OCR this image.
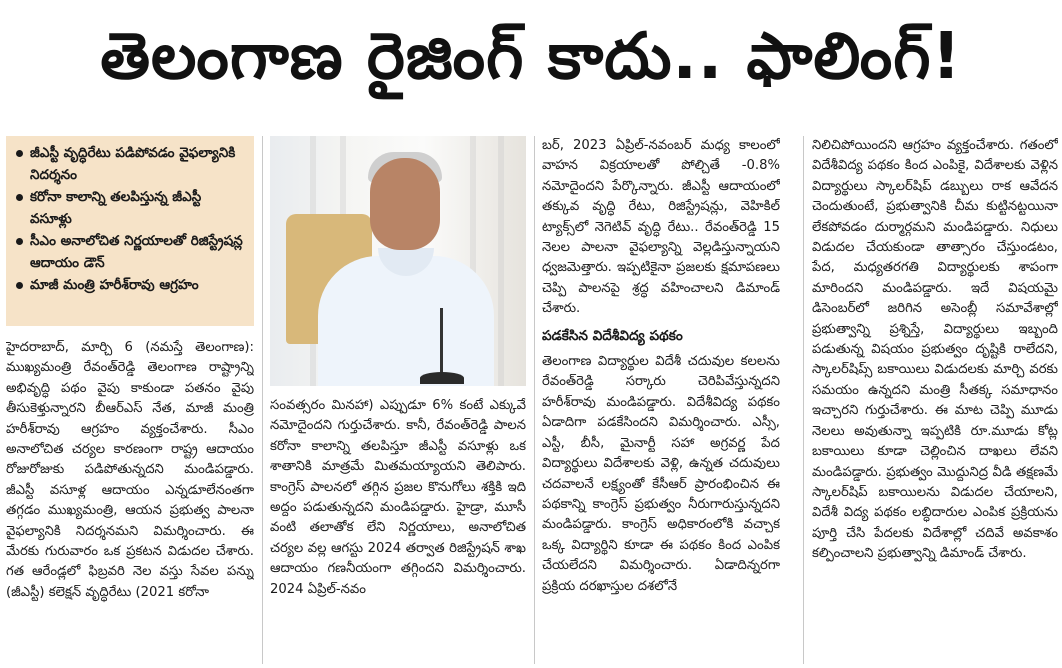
తెలంగాణ రైజింగ్ కాదు.. ఫాలింగ్!
జీఎస్టీ వృద్ధిరేటు పడిపోవడం వైఫల్యానికి నిదర్శనం
కరోనా కాలాన్ని తలపిస్తున్న జీఎస్టీ వసూళ్లు
సీఎం అనాలోచిత నిర్ణయాలతో రిజిస్ట్రేషన్ల ఆదాయం డౌన్
మాజీ మంత్రి హరీశ్‌రావు ఆగ్రహం

హైదరాబాద్, మార్చి 6 (నమస్తే తెలంగాణ): ముఖ్యమంత్రి రేవంత్‌రెడ్డి తెలంగాణ రాష్ట్రాన్ని అభివృద్ధి పథం వైపు కాకుండా పతనం వైపు తీసుకెళ్తున్నారని బీఆర్‌ఎస్ నేత, మాజీ మంత్రి హరీశ్‌రావు ఆగ్రహం వ్యక్తంచేశారు. సీఎం అనాలోచిత చర్యల కారణంగా రాష్ట్ర ఆదాయం రోజురోజుకు పడిపోతున్నదని మండిపడ్డారు. జీఎస్టీ వసూళ్ల ఆదాయం ఎన్నడూలేనంతగా తగ్గడం ముఖ్యమంత్రి, ఆయన ప్రభుత్వ పాలనా వైఫల్యానికి నిదర్శనమని విమర్శించారు. ఈ మేరకు గురువారం ఒక ప్రకటన విడుదల చేశారు. గత ఆరేండ్లలో ఫిబ్రవరి నెల వస్తు సేవల పన్ను (జీఎస్టీ) కలెక్షన్ వృద్ధిరేటు (2021 కరోనా

సంవత్సరం మినహా) ఎప్పుడూ 6% కంటే ఎక్కువే నమోదైందని గుర్తుచేశారు. కానీ, రేవంత్‌రెడ్డి పాలన కరోనా కాలాన్ని తలపిస్తూ జీఎస్టీ వసూళ్లు ఒక శాతానికి మాత్రమే మితమయ్యాయని తెలిపారు. కాంగ్రెస్ పాలనలో తగ్గిన ప్రజల కొనుగోలు శక్తికి ఇది అద్దం పడుతున్నదని మండిపడ్డారు. హైడ్రా, మూసీ వంటి తలాతోక లేని నిర్ణయాలు, అనాలోచిత చర్యల వల్ల ఆగస్టు 2024 తర్వాత రిజిస్ట్రేషన్ శాఖ ఆదాయం గణనీయంగా తగ్గిందని విమర్శించారు. 2024 ఏప్రిల్-నవం

బర్, 2023 ఏప్రిల్-నవంబర్ మధ్య కాలంలో వాహన విక్రయాలతో పోల్చితే -0.8% నమోదైందని పేర్కొన్నారు. జీఎస్టీ ఆదాయంలో తక్కువ వృద్ధి రేటు, రిజిస్ట్రేషన్లు, వెహికిల్ ట్యాక్స్‌లో నెగెటివ్ వృద్ధి రేటు.. రేవంత్‌రెడ్డి 15 నెలల పాలనా వైఫల్యాన్ని వెల్లడిస్తున్నాయని ధ్వజమెత్తారు. ఇప్పటికైనా ప్రజలకు క్షమాపణలు చెప్పి పాలనపై శ్రద్ధ వహించాలని డిమాండ్ చేశారు.

పడకేసిన విదేశీవిద్య పథకం

తెలంగాణ విద్యార్థుల విదేశీ చదువుల కలలను రేవంత్‌రెడ్డి సర్కారు చెరిపివేస్తున్నదని హరీశ్‌రావు మండిపడ్డారు. విదేశీవిద్య పథకం ఏడాదిగా పడకేసిందని విమర్శించారు. ఎస్సీ, ఎస్టీ, బీసీ, మైనార్టీ సహా అగ్రవర్ణ పేద విద్యార్థులు విదేశాలకు వెళ్లి, ఉన్నత చదువులు చదవాలనే లక్ష్యంతో కేసీఆర్ ప్రారంభించిన ఈ పథకాన్ని కాంగ్రెస్ ప్రభుత్వం నీరుగారుస్తున్నదని మండిపడ్డారు. కాంగ్రెస్ అధికారంలోకి వచ్చాక ఒక్క విద్యార్థిని కూడా ఈ పథకం కింద ఎంపిక చేయలేదని విమర్శించారు. ఏడాదిన్నరగా ప్రక్రియ దరఖాస్తుల దశలోనే

నిలిచిపోయిందని ఆగ్రహం వ్యక్తంచేశారు. గతంలో విదేశీవిద్య పథకం కింద ఎంపికై, విదేశాలకు వెళ్లిన విద్యార్థులు స్కాలర్‌షిప్ డబ్బులు రాక ఆవేదన చెందుతుంటే, ప్రభుత్వానికి చీమ కుట్టినట్టయినా లేకపోవడం దుర్మార్గమని మండిపడ్డారు. నిధులు విడుదల చేయకుండా తాత్సారం చేస్తుండటం, పేద, మధ్యతరగతి విద్యార్థులకు శాపంగా మారిందని మండిపడ్డారు. ఇదే విషయమై డిసెంబర్‌లో జరిగిన అసెంబ్లీ సమావేశాల్లో ప్రభుత్వాన్ని ప్రశ్నిస్తే, విద్యార్థులు ఇబ్బంది పడుతున్న విషయం ప్రభుత్వం దృష్టికి రాలేదని, స్కాలర్‌షిప్స్ బకాయిలు విడుదలకు మార్చి వరకు సమయం ఉన్నదని మంత్రి సీతక్క సమాధానం ఇచ్చారని గుర్తుచేశారు. ఈ మాట చెప్పి మూడు నెలలు అవుతున్నా ఇప్పటికి రూ.మూడు కోట్ల బకాయిలు కూడా చెల్లించిన దాఖలు లేవని మండిపడ్డారు. ప్రభుత్వం మొద్దునిద్ర వీడి తక్షణమే స్కాలర్‌షిప్ బకాయిలను విడుదల చేయాలని, విదేశీ విద్య పథకం లబ్ధిదారుల ఎంపిక ప్రక్రియను పూర్తి చేసి పేదలకు విదేశాల్లో చదివే అవకాశం కల్పించాలని ప్రభుత్వాన్ని డిమాండ్ చేశారు.
